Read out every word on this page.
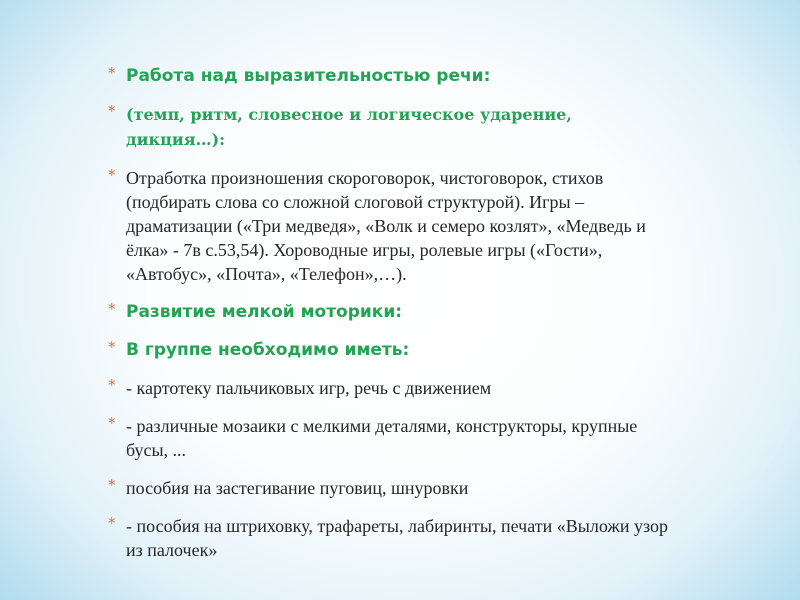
* Работа над выразительностью речи:
* (темп, ритм, словесное и логическое ударение, дикция…):
* Отработка произношения скороговорок, чистоговорок, стихов (подбирать слова со сложной слоговой структурой). Игры – драматизации («Три медведя», «Волк и семеро козлят», «Медведь и ёлка» - 7в с.53,54). Хороводные игры, ролевые игры («Гости», «Автобус», «Почта», «Телефон»,…).
* Развитие мелкой моторики:
* В группе необходимо иметь:
* - картотеку пальчиковых игр, речь с движением
* - различные мозаики с мелкими деталями, конструкторы, крупные бусы, ...
* пособия на застегивание пуговиц, шнуровки
* - пособия на штриховку, трафареты, лабиринты, печати «Выложи узор из палочек»
